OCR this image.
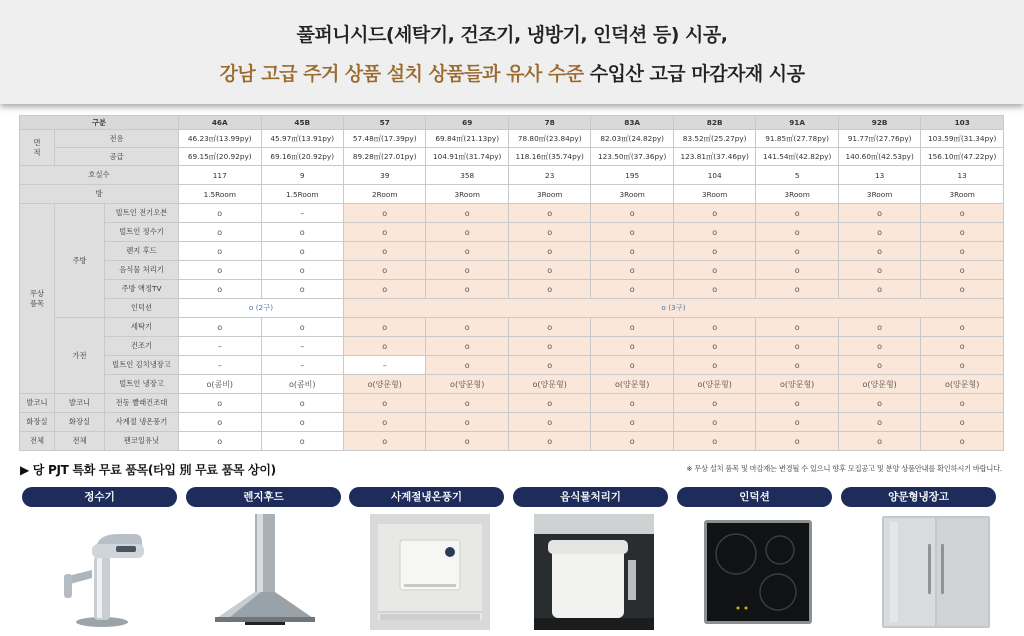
풀퍼니시드(세탁기, 건조기, 냉방기, 인덕션 등) 시공,
강남 고급 주거 상품 설치 상품들과 유사 수준 수입산 고급 마감자재 시공
구분			46A	45B	57	69	78	83A	82B	91A	92B	103
면
적	전용		46.23㎡(13.99py)	45.97㎡(13.91py)	57.48㎡(17.39py)	69.84㎡(21.13py)	78.80㎡(23.84py)	82.03㎡(24.82py)	83.52㎡(25.27py)	91.85㎡(27.78py)	91.77㎡(27.76py)	103.59㎡(31.34py)
	공급		69.15㎡(20.92py)	69.16㎡(20.92py)	89.28㎡(27.01py)	104.91㎡(31.74py)	118.16㎡(35.74py)	123.50㎡(37.36py)	123.81㎡(37.46py)	141.54㎡(42.82py)	140.60㎡(42.53py)	156.10㎡(47.22py)
호실수			117	9	39	358	23	195	104	5	13	13
방			1.5Room	1.5Room	2Room	3Room	3Room	3Room	3Room	3Room	3Room	3Room
무상
품목	주방	빌트인 전기오븐	o	–	o	o	o	o	o	o	o	o
		빌트인 정수기	o	o	o	o	o	o	o	o	o	o
		렌지 후드	o	o	o	o	o	o	o	o	o	o
		음식물 처리기	o	o	o	o	o	o	o	o	o	o
		주방 액정TV	o	o	o	o	o	o	o	o	o	o
		인덕션	o (2구)		o (3구)							
	가전	세탁기	o	o	o	o	o	o	o	o	o	o
		건조기	–	–	o	o	o	o	o	o	o	o
		빌트인 김치냉장고	–	–	–	o	o	o	o	o	o	o
		빌트인 냉장고	o(콤비)	o(콤비)	o(양문형)	o(양문형)	o(양문형)	o(양문형)	o(양문형)	o(양문형)	o(양문형)	o(양문형)
발코니	발코니	전동 빨래건조대	o	o	o	o	o	o	o	o	o	o
화장실	화장실	사계절 냉온풍기	o	o	o	o	o	o	o	o	o	o
전체	전체	팬코일유닛	o	o	o	o	o	o	o	o	o	o
▶ 당 PJT 특화 무료 품목(타입 別 무료 품목 상이)	※ 무상 설치 품목 및 마감재는 변경될 수 있으니 향후 모집공고 및 분양 상품안내를 확인하시기 바랍니다.
정수기	렌지후드	사계절냉온풍기	음식물처리기	인덕션	양문형냉장고
